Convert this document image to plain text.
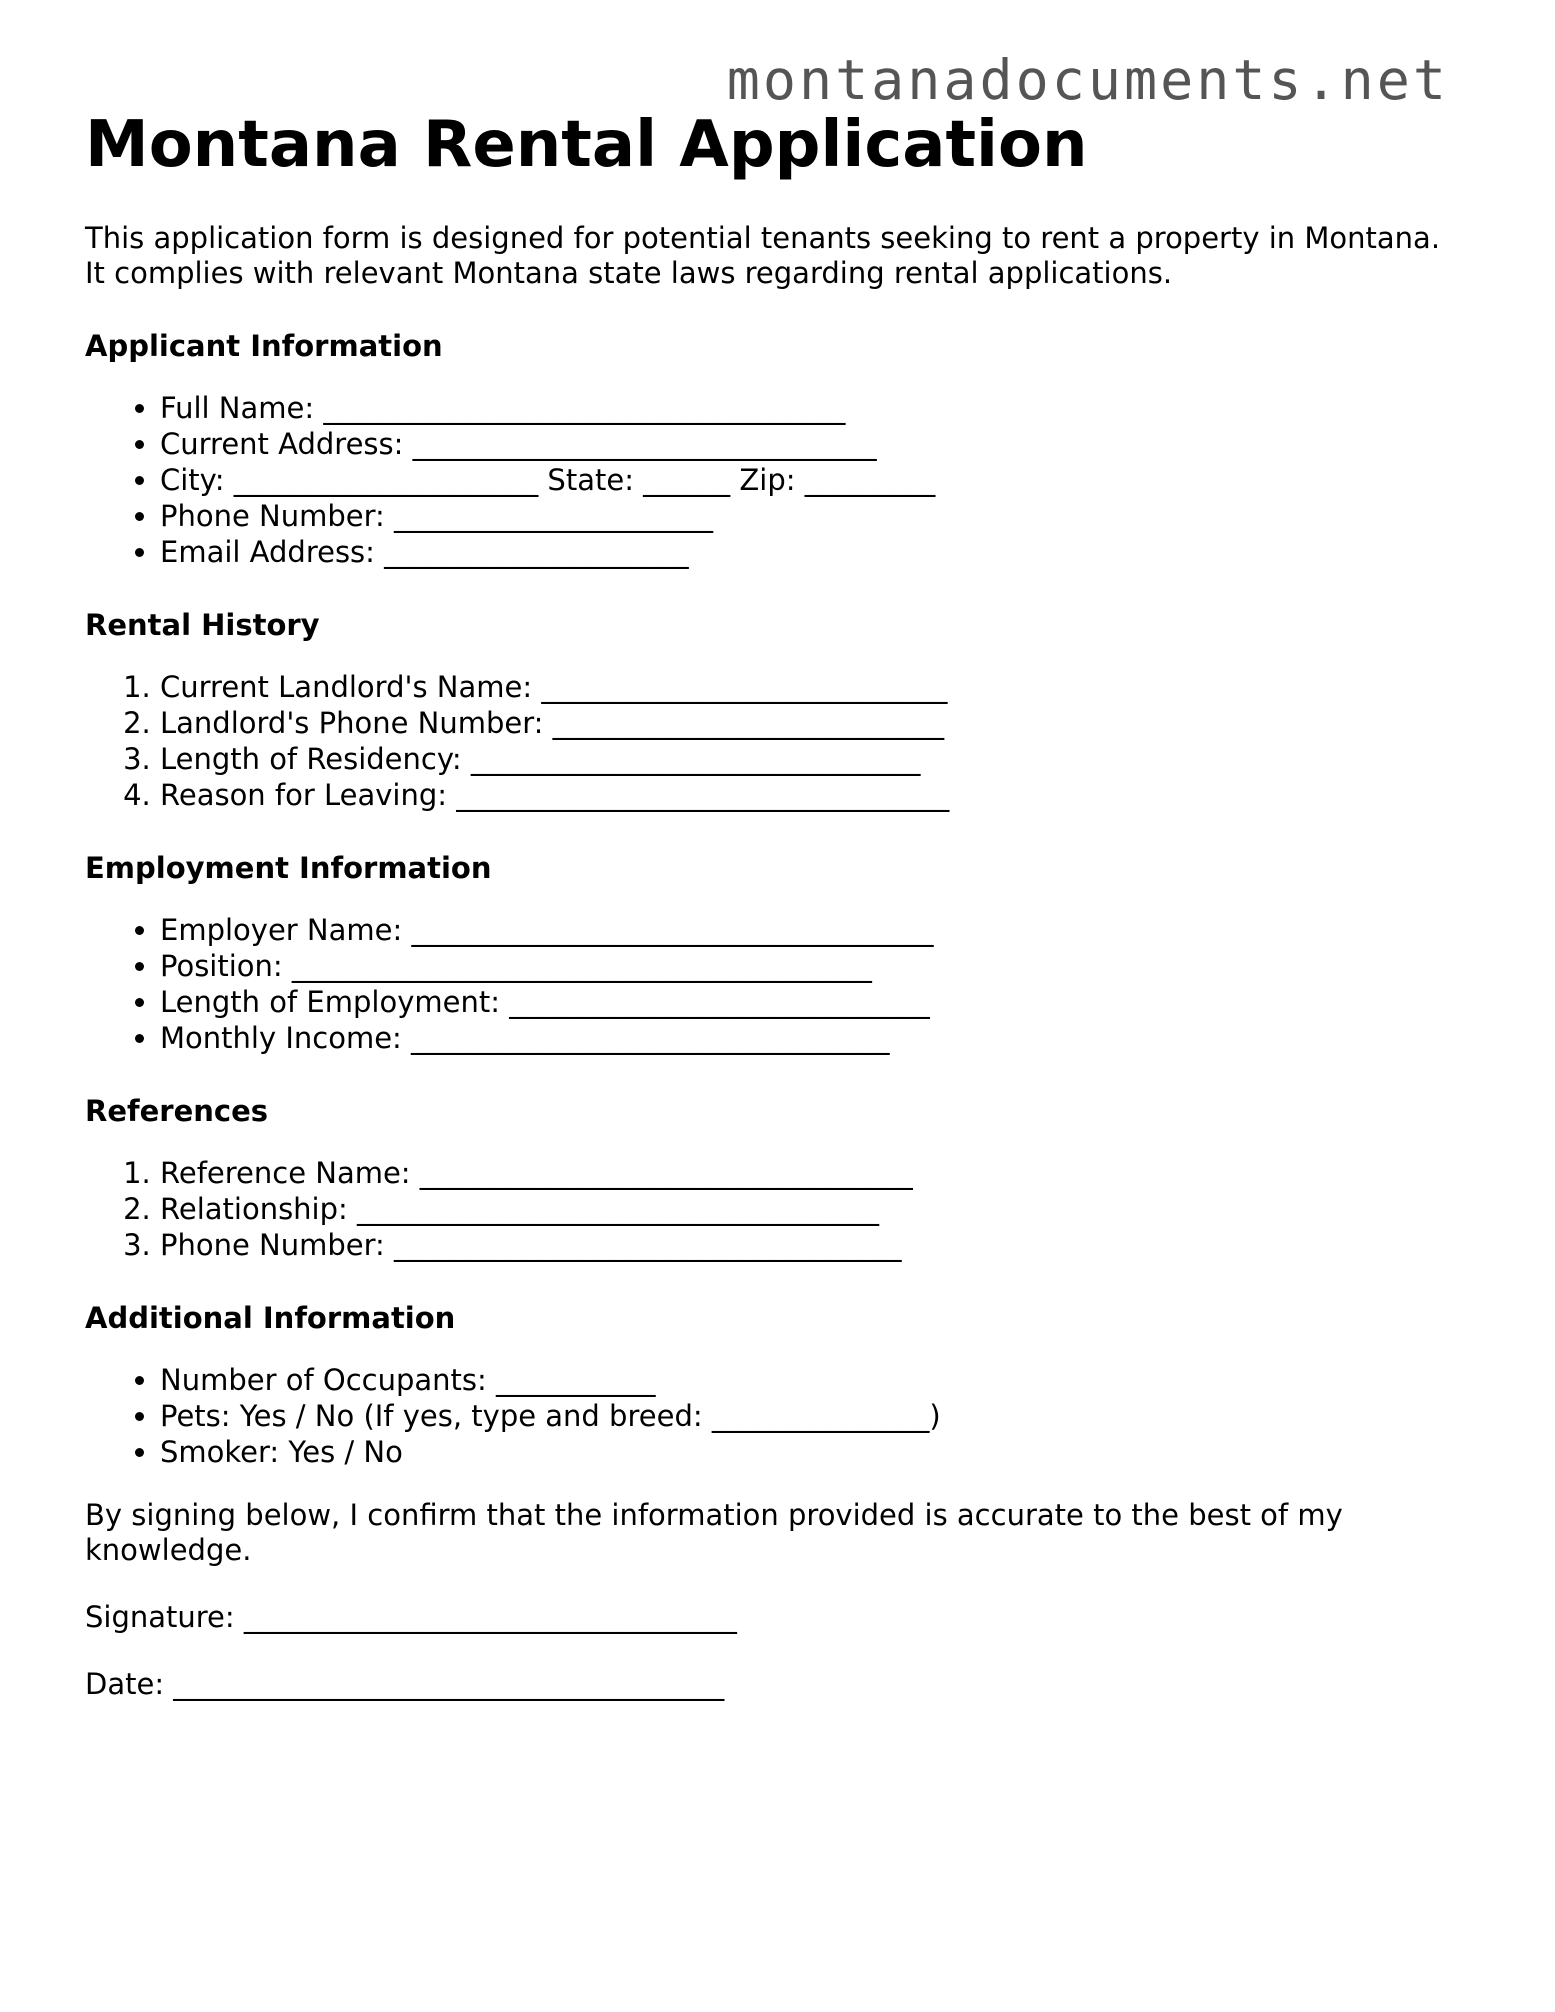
montanadocuments.net
Montana Rental Application

This application form is designed for potential tenants seeking to rent a property in Montana. It complies with relevant Montana state laws regarding rental applications.

Applicant Information
• Full Name: ____________________________________
• Current Address: ________________________________
• City: _____________________ State: ______ Zip: _________
• Phone Number: ______________________
• Email Address: _____________________
Rental History
1. Current Landlord's Name: ____________________________
2. Landlord's Phone Number: ___________________________
3. Length of Residency: _______________________________
4. Reason for Leaving: __________________________________
Employment Information
• Employer Name: ____________________________________
• Position: ________________________________________
• Length of Employment: _____________________________
• Monthly Income: _________________________________
References
1. Reference Name: __________________________________
2. Relationship: ____________________________________
3. Phone Number: ___________________________________
Additional Information
• Number of Occupants: ___________
• Pets: Yes / No (If yes, type and breed: _______________)
• Smoker: Yes / No

By signing below, I confirm that the information provided is accurate to the best of my knowledge.

Signature: __________________________________

Date: ______________________________________
